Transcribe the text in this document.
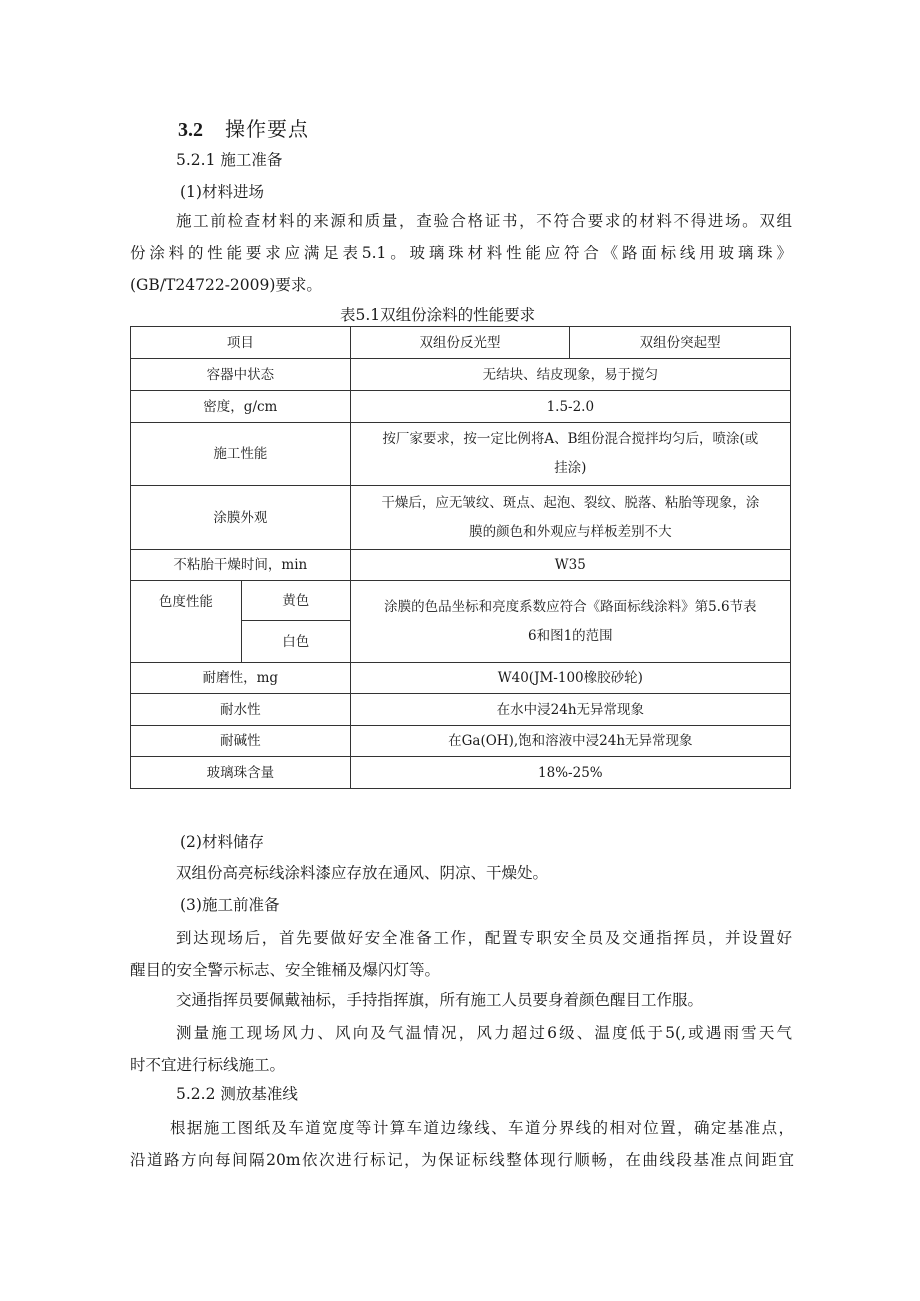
3.2 操作要点
5.2.1 施工准备
(1)材料进场
施工前检查材料的来源和质量，查验合格证书，不符合要求的材料不得进场。双组
份涂料的性能要求应满足表5.1。玻璃珠材料性能应符合《路面标线用玻璃珠》
(GB/T24722-2009)要求。
表5.1双组份涂料的性能要求
项目		双组份反光型	双组份突起型
容器中状态		无结块、结皮现象，易于搅匀	
密度，g/cm		1.5-2.0	
施工性能		按厂家要求，按一定比例将A、B组份混合搅拌均匀后，喷涂(或
挂涂)	

涂膜外观		干燥后，应无皱纹、斑点、起泡、裂纹、脱落、粘胎等现象，涂
膜的颜色和外观应与样板差别不大	

不粘胎干燥时间，min		W35	
色度性能	黄色	涂膜的色品坐标和亮度系数应符合《路面标线涂料》第5.6节表
6和图1的范围	

	白色		
耐磨性，mg		W40(JM-100橡胶砂轮)	
耐水性		在水中浸24h无异常现象	
耐碱性		在Ga(OH),饱和溶液中浸24h无异常现象	
玻璃珠含量		18%-25%	
(2)材料储存
双组份高亮标线涂料漆应存放在通风、阴凉、干燥处。
(3)施工前准备
到达现场后，首先要做好安全准备工作，配置专职安全员及交通指挥员，并设置好
醒目的安全警示标志、安全锥桶及爆闪灯等。
交通指挥员要佩戴袖标，手持指挥旗，所有施工人员要身着颜色醒目工作服。
测量施工现场风力、风向及气温情况，风力超过6级、温度低于5(,或遇雨雪天气
时不宜进行标线施工。
5.2.2 测放基准线
根据施工图纸及车道宽度等计算车道边缘线、车道分界线的相对位置，确定基准点，
沿道路方向每间隔20m依次进行标记，为保证标线整体现行顺畅，在曲线段基准点间距宜
